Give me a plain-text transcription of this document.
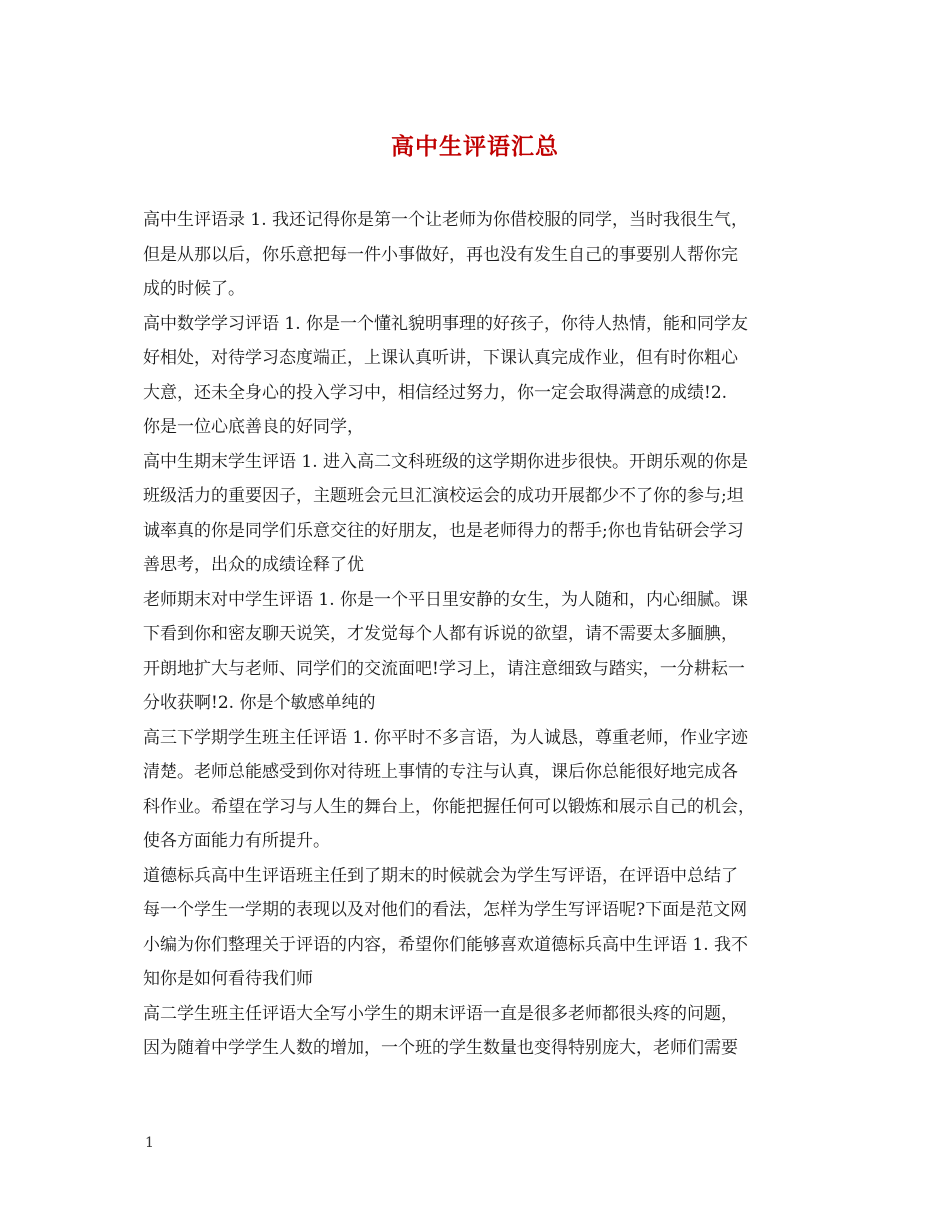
高中生评语汇总
高中生评语录 1. 我还记得你是第一个让老师为你借校服的同学，当时我很生气，
但是从那以后，你乐意把每一件小事做好，再也没有发生自己的事要别人帮你完
成的时候了。
高中数学学习评语 1. 你是一个懂礼貌明事理的好孩子，你待人热情，能和同学友
好相处，对待学习态度端正，上课认真听讲，下课认真完成作业，但有时你粗心
大意，还未全身心的投入学习中，相信经过努力，你一定会取得满意的成绩!2.
你是一位心底善良的好同学，
高中生期末学生评语 1. 进入高二文科班级的这学期你进步很快。开朗乐观的你是
班级活力的重要因子，主题班会元旦汇演校运会的成功开展都少不了你的参与;坦
诚率真的你是同学们乐意交往的好朋友，也是老师得力的帮手;你也肯钻研会学习
善思考，出众的成绩诠释了优
老师期末对中学生评语 1. 你是一个平日里安静的女生，为人随和，内心细腻。课
下看到你和密友聊天说笑，才发觉每个人都有诉说的欲望，请不需要太多腼腆，
开朗地扩大与老师、同学们的交流面吧!学习上，请注意细致与踏实，一分耕耘一
分收获啊!2. 你是个敏感单纯的
高三下学期学生班主任评语 1. 你平时不多言语，为人诚恳，尊重老师，作业字迹
清楚。老师总能感受到你对待班上事情的专注与认真，课后你总能很好地完成各
科作业。希望在学习与人生的舞台上，你能把握任何可以锻炼和展示自己的机会，
使各方面能力有所提升。
道德标兵高中生评语班主任到了期末的时候就会为学生写评语，在评语中总结了
每一个学生一学期的表现以及对他们的看法，怎样为学生写评语呢?下面是范文网
小编为你们整理关于评语的内容，希望你们能够喜欢道德标兵高中生评语 1. 我不
知你是如何看待我们师
高二学生班主任评语大全写小学生的期末评语一直是很多老师都很头疼的问题，
因为随着中学学生人数的增加，一个班的学生数量也变得特别庞大，老师们需要
1
